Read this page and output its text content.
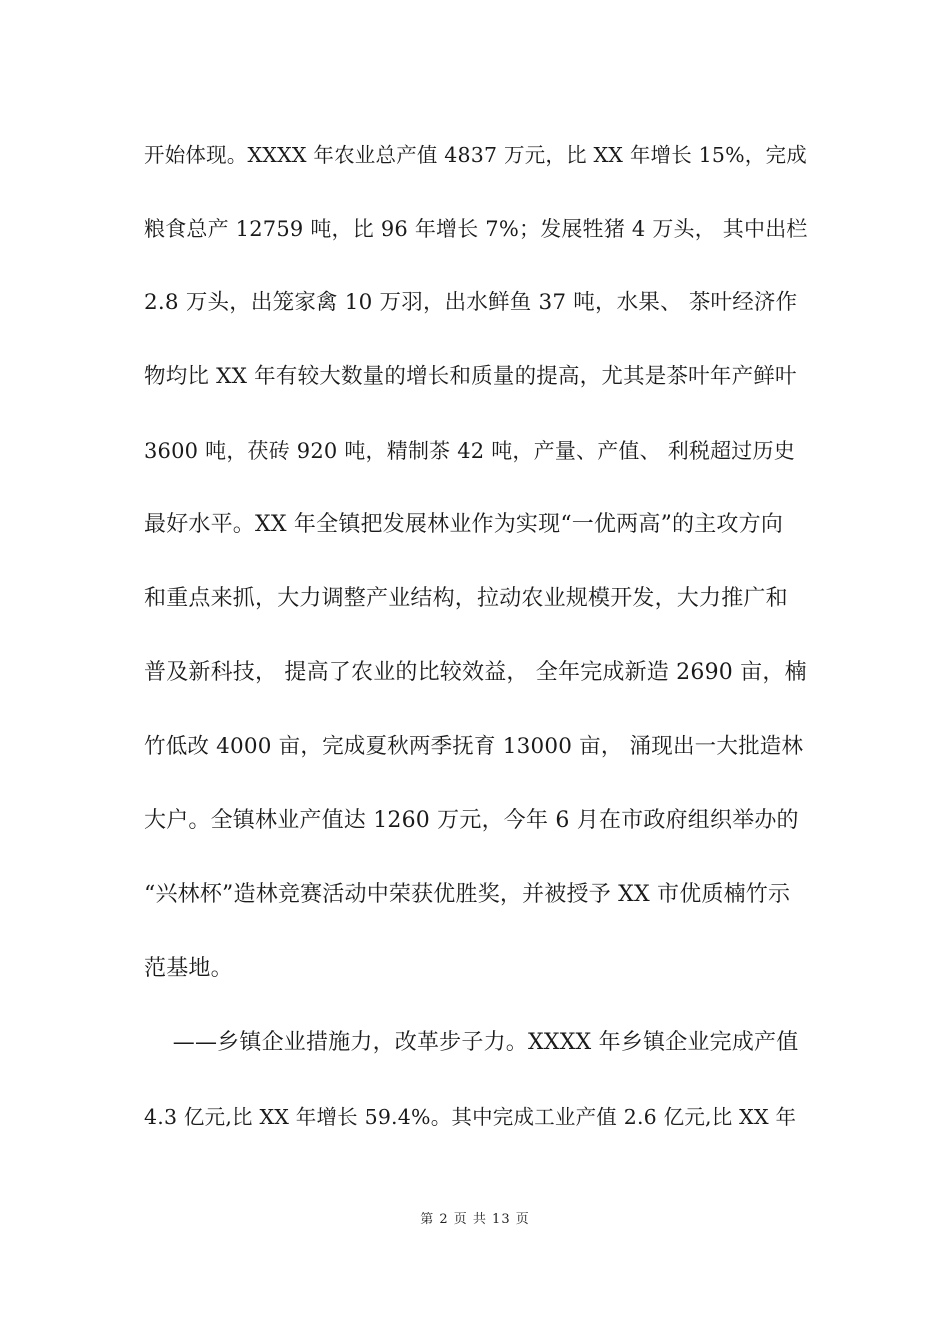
开始体现。XXXX 年农业总产值 4837 万元，比 XX 年增长 15%，完成
粮食总产 12759 吨，比 96 年增长 7%；发展牲猪 4 万头， 其中出栏
2.8 万头，出笼家禽 10 万羽，出水鲜鱼 37 吨，水果、 茶叶经济作
物均比 XX 年有较大数量的增长和质量的提高，尤其是茶叶年产鲜叶
3600 吨，茯砖 920 吨，精制茶 42 吨，产量、产值、 利税超过历史
最好水平。XX 年全镇把发展林业作为实现“一优两高”的主攻方向
和重点来抓，大力调整产业结构，拉动农业规模开发，大力推广和
普及新科技， 提高了农业的比较效益， 全年完成新造 2690 亩，楠
竹低改 4000 亩，完成夏秋两季抚育 13000 亩， 涌现出一大批造林
大户。全镇林业产值达 1260 万元，今年 6 月在市政府组织举办的
“兴林杯”造林竞赛活动中荣获优胜奖，并被授予 XX 市优质楠竹示
范基地。
——乡镇企业措施力，改革步子力。XXXX 年乡镇企业完成产值
4.3 亿元,比 XX 年增长 59.4%。其中完成工业产值 2.6 亿元,比 XX 年
第 2 页 共 13 页
